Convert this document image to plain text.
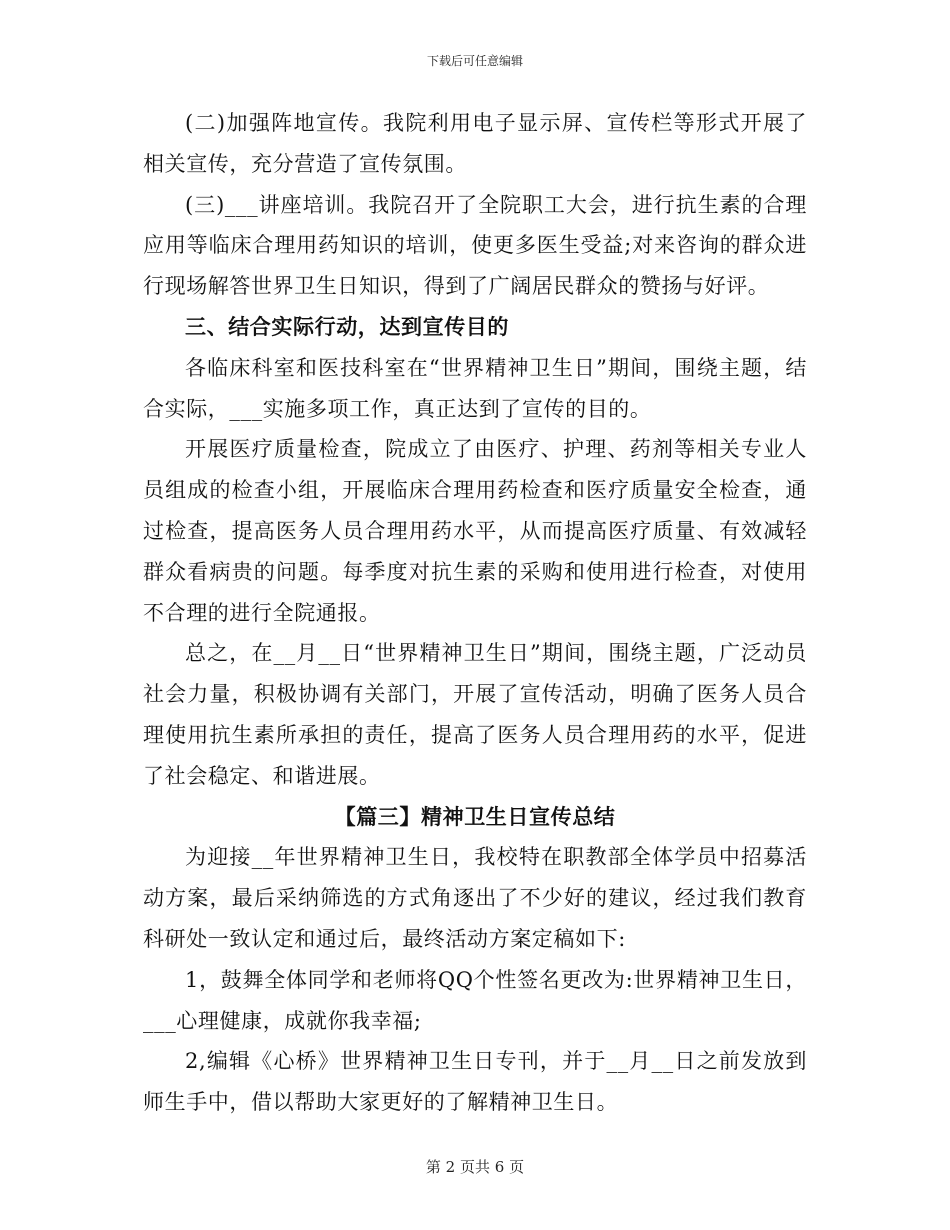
下载后可任意编辑

(二)加强阵地宣传。我院利用电子显示屏、宣传栏等形式开展了相关宣传，充分营造了宣传氛围。

(三)___讲座培训。我院召开了全院职工大会，进行抗生素的合理应用等临床合理用药知识的培训，使更多医生受益;对来咨询的群众进行现场解答世界卫生日知识，得到了广阔居民群众的赞扬与好评。

三、结合实际行动，达到宣传目的

各临床科室和医技科室在“世界精神卫生日”期间，围绕主题，结合实际，___实施多项工作，真正达到了宣传的目的。

开展医疗质量检查，院成立了由医疗、护理、药剂等相关专业人员组成的检查小组，开展临床合理用药检查和医疗质量安全检查，通过检查，提高医务人员合理用药水平，从而提高医疗质量、有效减轻群众看病贵的问题。每季度对抗生素的采购和使用进行检查，对使用不合理的进行全院通报。

总之，在__月__日“世界精神卫生日”期间，围绕主题，广泛动员社会力量，积极协调有关部门，开展了宣传活动，明确了医务人员合理使用抗生素所承担的责任，提高了医务人员合理用药的水平，促进了社会稳定、和谐进展。

【篇三】精神卫生日宣传总结

为迎接__年世界精神卫生日，我校特在职教部全体学员中招募活动方案，最后采纳筛选的方式角逐出了不少好的建议，经过我们教育科研处一致认定和通过后，最终活动方案定稿如下:

1，鼓舞全体同学和老师将QQ个性签名更改为:世界精神卫生日，___心理健康，成就你我幸福;

2,编辑《心桥》世界精神卫生日专刊，并于__月__日之前发放到师生手中，借以帮助大家更好的了解精神卫生日。

第 2 页共 6 页
